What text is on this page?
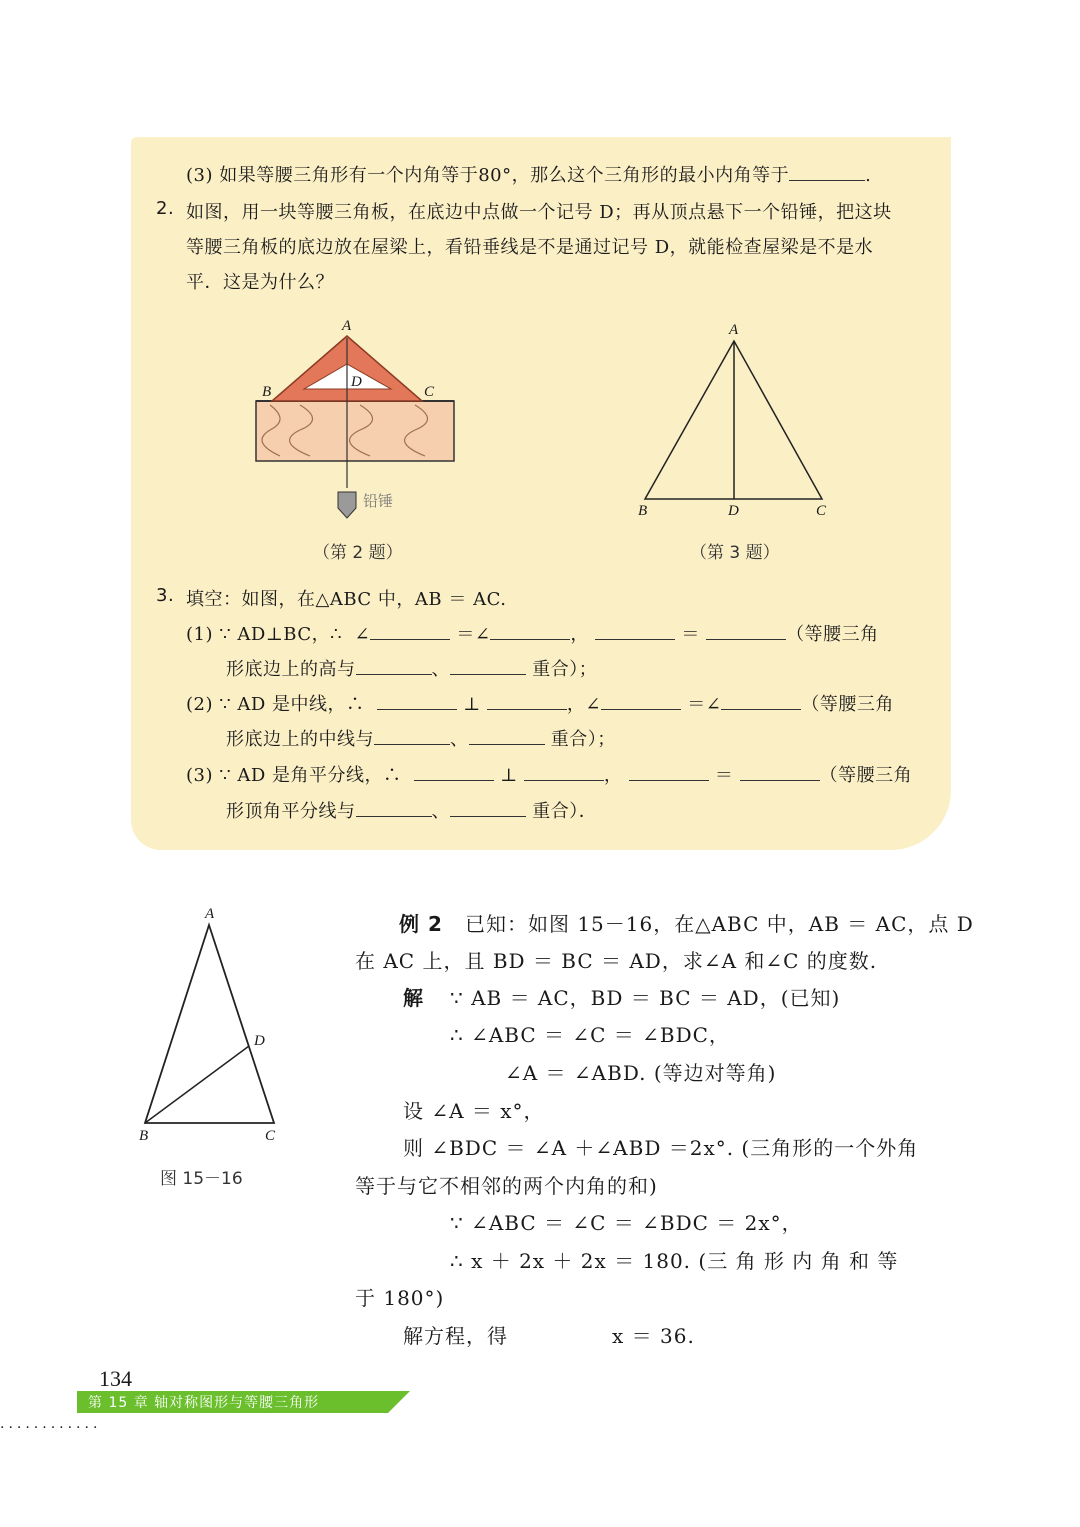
(3) 如果等腰三角形有一个内角等于80°，那么这个三角形的最小内角等于	.
2. 如图，用一块等腰三角板，在底边中点做一个记号 D；再从顶点悬下一个铅锤，把这块
等腰三角板的底边放在屋梁上，看铅垂线是不是通过记号 D，就能检查屋梁是不是水
平．这是为什么？
A
B	C
D
铅锤
（第 2 题）
A
B	D	C
（第 3 题）
3. 填空：如图，在△ABC 中，AB ＝ AC.
(1) ∵ AD⊥BC，∴ ∠	＝∠	，	＝	（等腰三角
形底边上的高与	、	重合）；
(2) ∵ AD 是中线，∴	⊥	，∠	＝∠	（等腰三角
形底边上的中线与	、	重合）；
(3) ∵ AD 是角平分线，∴	⊥	，	＝	（等腰三角
形顶角平分线与	、	重合）．
A
D
B	C
图 15－16
例 2 已知：如图 15－16，在△ABC 中，AB ＝ AC，点 D
在 AC 上，且 BD ＝ BC ＝ AD，求∠A 和∠C 的度数.
解 ∵ AB ＝ AC，BD ＝ BC ＝ AD，(已知)
∴ ∠ABC ＝ ∠C ＝ ∠BDC，
∠A ＝ ∠ABD. (等边对等角)
设 ∠A ＝ x°，
则 ∠BDC ＝ ∠A ＋∠ABD ＝2x°. (三角形的一个外角
等于与它不相邻的两个内角的和)
∵ ∠ABC ＝ ∠C ＝ ∠BDC ＝ 2x°，
∴ x ＋ 2x ＋ 2x ＝ 180. (三 角 形 内 角 和 等
于 180°)
解方程，得	x ＝ 36.
134
第 15 章 轴对称图形与等腰三角形
............
